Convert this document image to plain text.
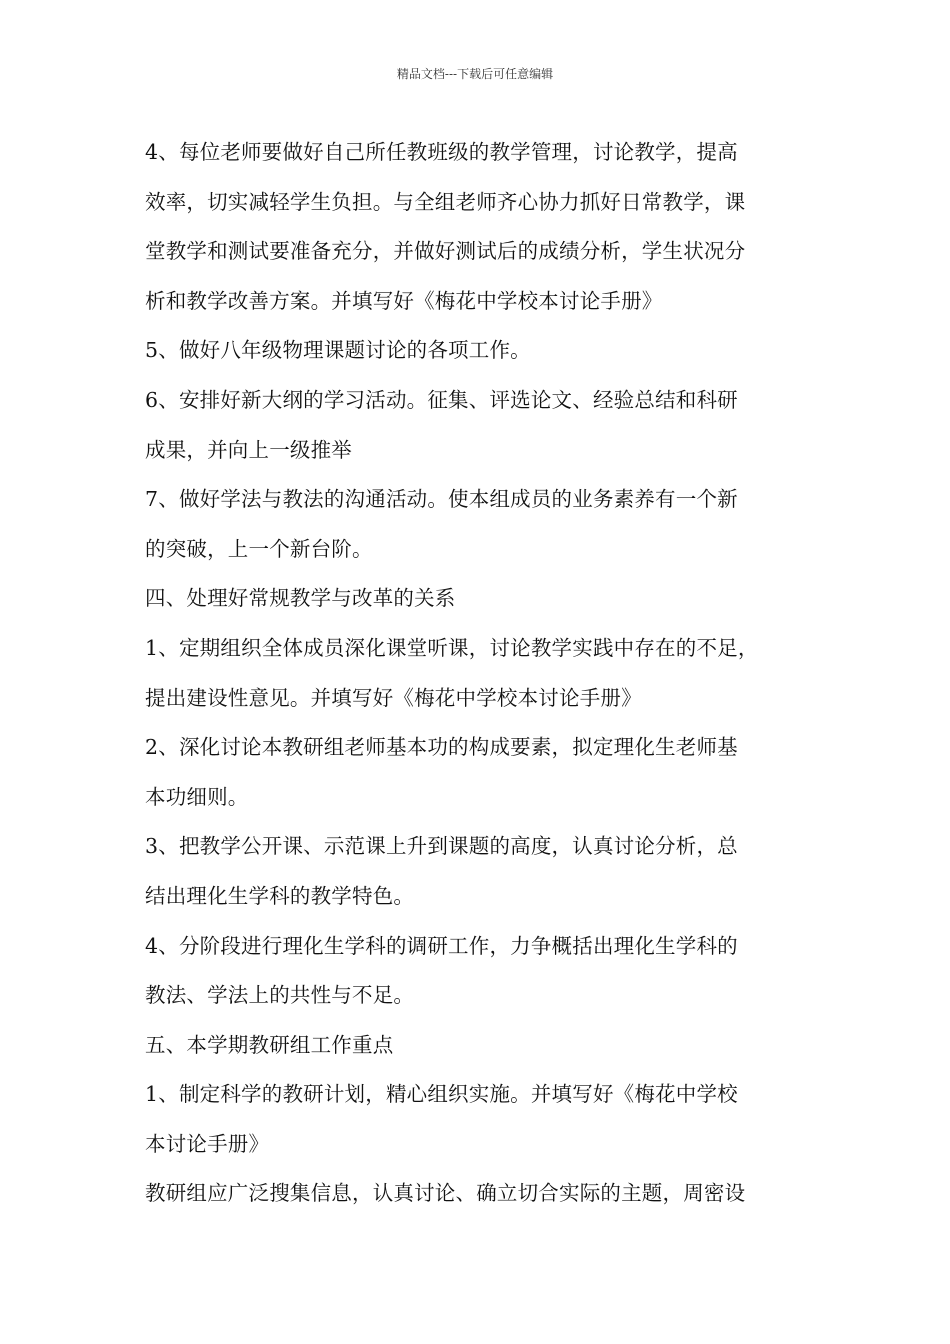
精品文档---下载后可任意编辑
4、每位老师要做好自己所任教班级的教学管理，讨论教学，提高
效率，切实减轻学生负担。与全组老师齐心协力抓好日常教学，课
堂教学和测试要准备充分，并做好测试后的成绩分析，学生状况分
析和教学改善方案。并填写好《梅花中学校本讨论手册》
5、做好八年级物理课题讨论的各项工作。
6、安排好新大纲的学习活动。征集、评选论文、经验总结和科研
成果，并向上一级推举
7、做好学法与教法的沟通活动。使本组成员的业务素养有一个新
的突破，上一个新台阶。
四、处理好常规教学与改革的关系
1、定期组织全体成员深化课堂听课，讨论教学实践中存在的不足，
提出建设性意见。并填写好《梅花中学校本讨论手册》
2、深化讨论本教研组老师基本功的构成要素，拟定理化生老师基
本功细则。
3、把教学公开课、示范课上升到课题的高度，认真讨论分析，总
结出理化生学科的教学特色。
4、分阶段进行理化生学科的调研工作，力争概括出理化生学科的
教法、学法上的共性与不足。
五、本学期教研组工作重点
1、制定科学的教研计划，精心组织实施。并填写好《梅花中学校
本讨论手册》
教研组应广泛搜集信息，认真讨论、确立切合实际的主题，周密设
